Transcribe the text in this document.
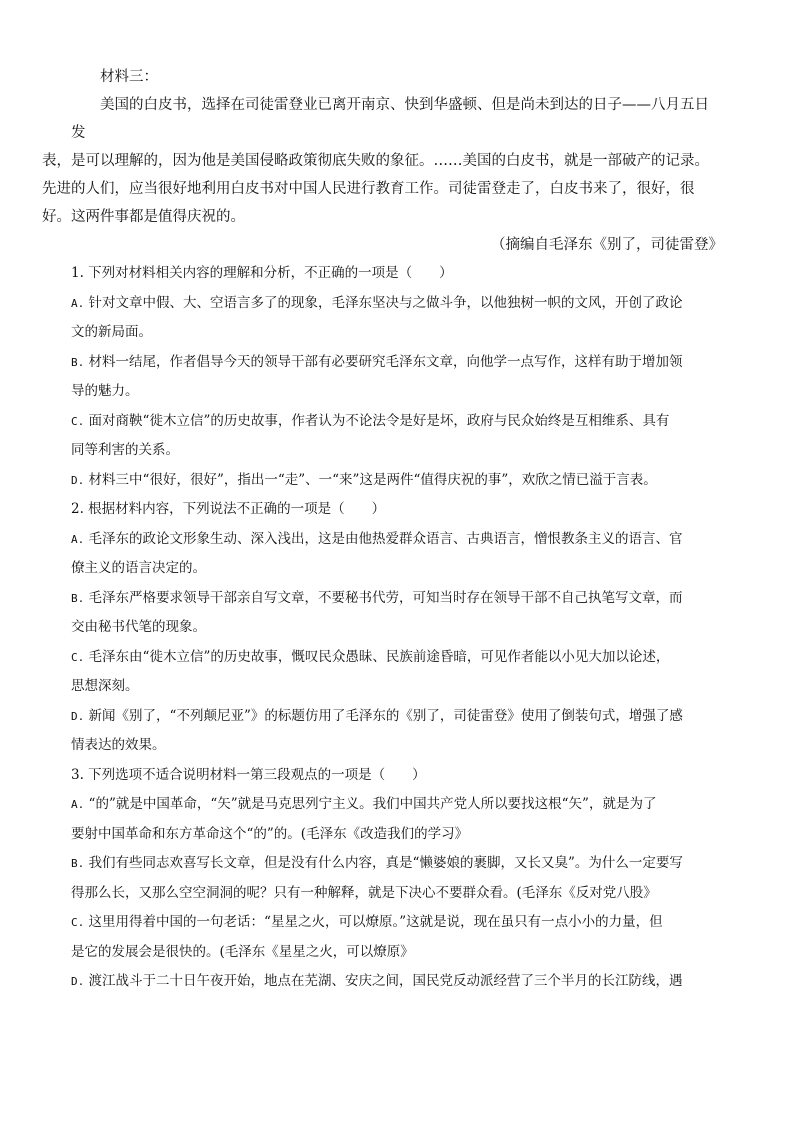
材料三：

美国的白皮书，选择在司徒雷登业已离开南京、快到华盛顿、但是尚未到达的日子——八月五日发
表，是可以理解的，因为他是美国侵略政策彻底失败的象征。……美国的白皮书，就是一部破产的记录。
先进的人们，应当很好地利用白皮书对中国人民进行教育工作。司徒雷登走了，白皮书来了，很好，很
好。这两件事都是值得庆祝的。

（摘编自毛泽东《别了，司徒雷登》

1. 下列对材料相关内容的理解和分析，不正确的一项是（　　）

A. 针对文章中假、大、空语言多了的现象，毛泽东坚决与之做斗争，以他独树一帜的文风，开创了政论
文的新局面。

B. 材料一结尾，作者倡导今天的领导干部有必要研究毛泽东文章，向他学一点写作，这样有助于增加领
导的魅力。

C. 面对商鞅“徙木立信”的历史故事，作者认为不论法令是好是坏，政府与民众始终是互相维系、具有
同等利害的关系。

D. 材料三中“很好，很好”，指出一“走”、一“来”这是两件“值得庆祝的事”，欢欣之情已溢于言表。

2. 根据材料内容，下列说法不正确的一项是（　　）

A. 毛泽东的政论文形象生动、深入浅出，这是由他热爱群众语言、古典语言，憎恨教条主义的语言、官
僚主义的语言决定的。

B. 毛泽东严格要求领导干部亲自写文章，不要秘书代劳，可知当时存在领导干部不自己执笔写文章，而
交由秘书代笔的现象。

C. 毛泽东由“徙木立信”的历史故事，慨叹民众愚昧、民族前途昏暗，可见作者能以小见大加以论述，
思想深刻。

D. 新闻《别了，“不列颠尼亚”》的标题仿用了毛泽东的《别了，司徒雷登》使用了倒装句式，增强了感
情表达的效果。

3. 下列选项不适合说明材料一第三段观点的一项是（　　）

A. “的”就是中国革命，“矢”就是马克思列宁主义。我们中国共产党人所以要找这根“矢”，就是为了
要射中国革命和东方革命这个“的”的。(毛泽东《改造我们的学习》

B. 我们有些同志欢喜写长文章，但是没有什么内容，真是“懒婆娘的裹脚，又长又臭”。为什么一定要写
得那么长，又那么空空洞洞的呢？只有一种解释，就是下决心不要群众看。(毛泽东《反对党八股》

C. 这里用得着中国的一句老话：“星星之火，可以燎原。”这就是说，现在虽只有一点小小的力量，但
是它的发展会是很快的。(毛泽东《星星之火，可以燎原》

D. 渡江战斗于二十日午夜开始，地点在芜湖、安庆之间，国民党反动派经营了三个半月的长江防线，遇
